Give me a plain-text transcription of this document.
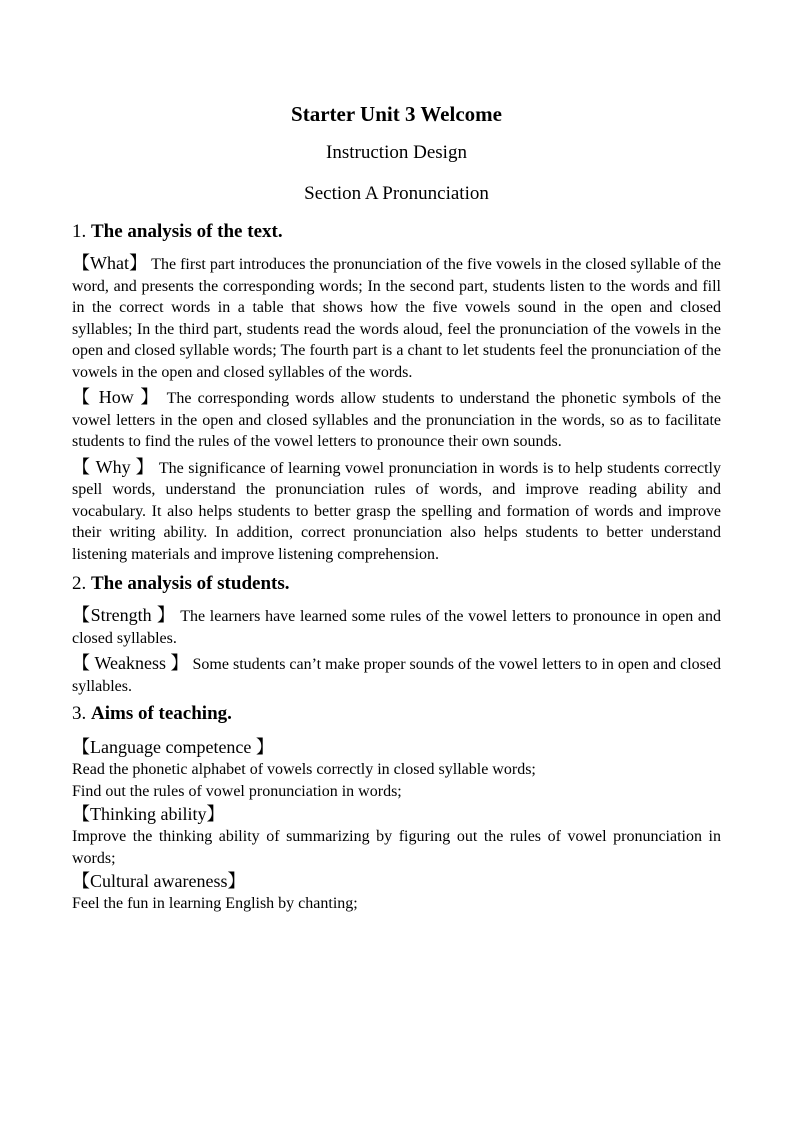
Starter Unit 3 Welcome
Instruction Design
Section A Pronunciation
1. The analysis of the text.

【What】 The first part introduces the pronunciation of the five vowels in the closed syllable of the word, and presents the corresponding words; In the second part, students listen to the words and fill in the correct words in a table that shows how the five vowels sound in the open and closed syllables; In the third part, students read the words aloud, feel the pronunciation of the vowels in the open and closed syllable words; The fourth part is a chant to let students feel the pronunciation of the vowels in the open and closed syllables of the words.

【 How 】 The corresponding words allow students to understand the phonetic symbols of the vowel letters in the open and closed syllables and the pronunciation in the words, so as to facilitate students to find the rules of the vowel letters to pronounce their own sounds.

【 Why 】 The significance of learning vowel pronunciation in words is to help students correctly spell words, understand the pronunciation rules of words, and improve reading ability and vocabulary. It also helps students to better grasp the spelling and formation of words and improve their writing ability. In addition, correct pronunciation also helps students to better understand listening materials and improve listening comprehension.

2. The analysis of students.

【Strength 】 The learners have learned some rules of the vowel letters to pronounce in open and closed syllables.

【 Weakness 】 Some students can’t make proper sounds of the vowel letters to in open and closed syllables.

3. Aims of teaching.
【Language competence 】
Read the phonetic alphabet of vowels correctly in closed syllable words;
Find out the rules of vowel pronunciation in words;
【Thinking ability】
Improve the thinking ability of summarizing by figuring out the rules of vowel pronunciation in words;
【Cultural awareness】
Feel the fun in learning English by chanting;
